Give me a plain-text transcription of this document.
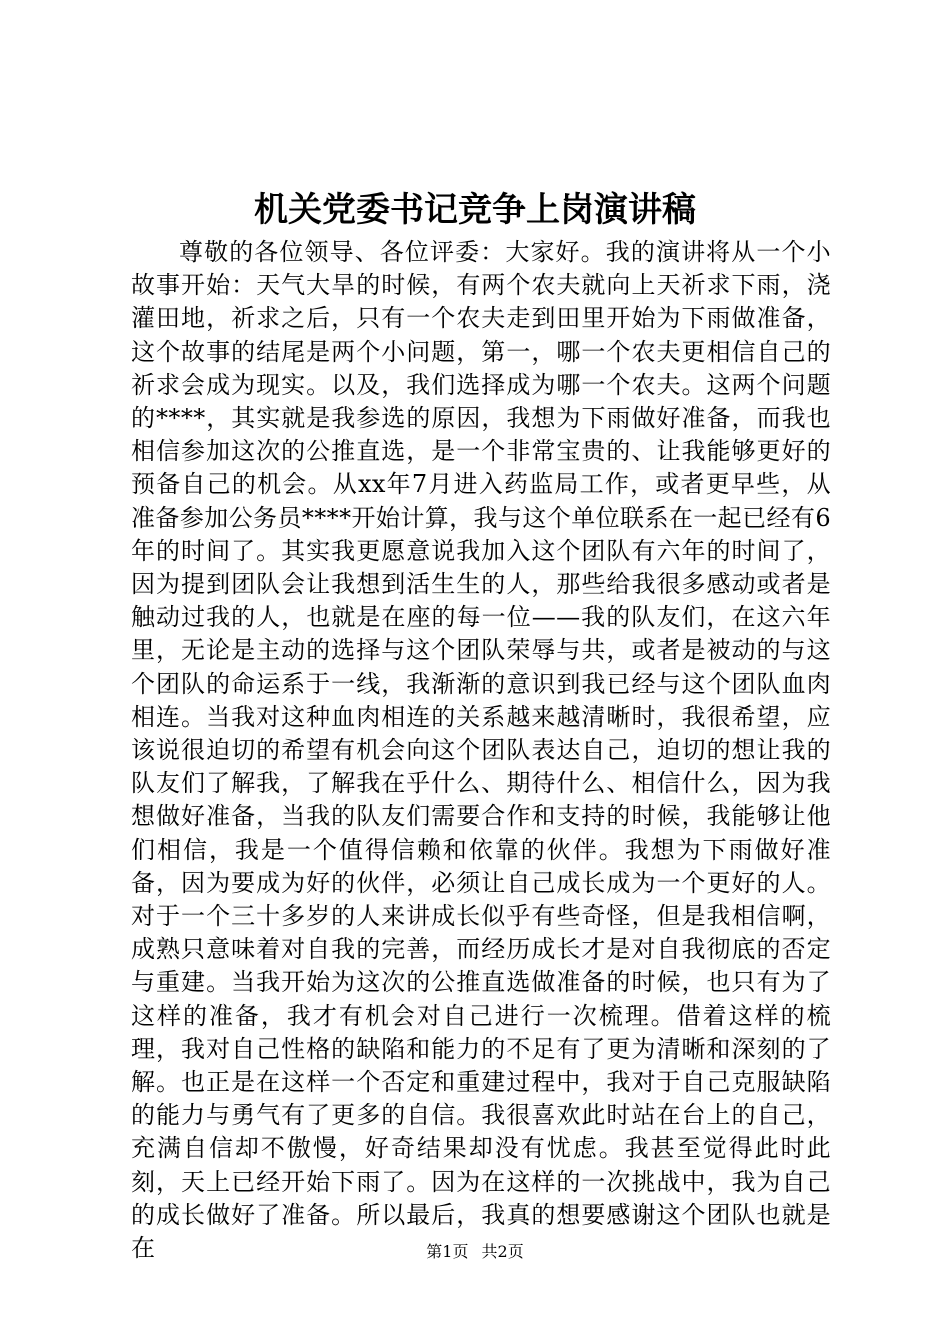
机关党委书记竞争上岗演讲稿

尊敬的各位领导、各位评委：大家好。我的演讲将从一个小故事开始：天气大旱的时候，有两个农夫就向上天祈求下雨，浇灌田地，祈求之后，只有一个农夫走到田里开始为下雨做准备，这个故事的结尾是两个小问题，第一，哪一个农夫更相信自己的祈求会成为现实。以及，我们选择成为哪一个农夫。这两个问题的****，其实就是我参选的原因，我想为下雨做好准备，而我也相信参加这次的公推直选，是一个非常宝贵的、让我能够更好的预备自己的机会。从xx年7月进入药监局工作，或者更早些，从准备参加公务员****开始计算，我与这个单位联系在一起已经有6年的时间了。其实我更愿意说我加入这个团队有六年的时间了，因为提到团队会让我想到活生生的人，那些给我很多感动或者是触动过我的人，也就是在座的每一位——我的队友们，在这六年里，无论是主动的选择与这个团队荣辱与共，或者是被动的与这个团队的命运系于一线，我渐渐的意识到我已经与这个团队血肉相连。当我对这种血肉相连的关系越来越清晰时，我很希望，应该说很迫切的希望有机会向这个团队表达自己，迫切的想让我的队友们了解我，了解我在乎什么、期待什么、相信什么，因为我想做好准备，当我的队友们需要合作和支持的时候，我能够让他们相信，我是一个值得信赖和依靠的伙伴。我想为下雨做好准备，因为要成为好的伙伴，必须让自己成长成为一个更好的人。对于一个三十多岁的人来讲成长似乎有些奇怪，但是我相信啊，成熟只意味着对自我的完善，而经历成长才是对自我彻底的否定与重建。当我开始为这次的公推直选做准备的时候，也只有为了这样的准备，我才有机会对自己进行一次梳理。借着这样的梳理，我对自己性格的缺陷和能力的不足有了更为清晰和深刻的了解。也正是在这样一个否定和重建过程中，我对于自己克服缺陷的能力与勇气有了更多的自信。我很喜欢此时站在台上的自己，充满自信却不傲慢，好奇结果却没有忧虑。我甚至觉得此时此刻，天上已经开始下雨了。因为在这样的一次挑战中，我为自己的成长做好了准备。所以最后，我真的想要感谢这个团队也就是在	第1页 共2页
